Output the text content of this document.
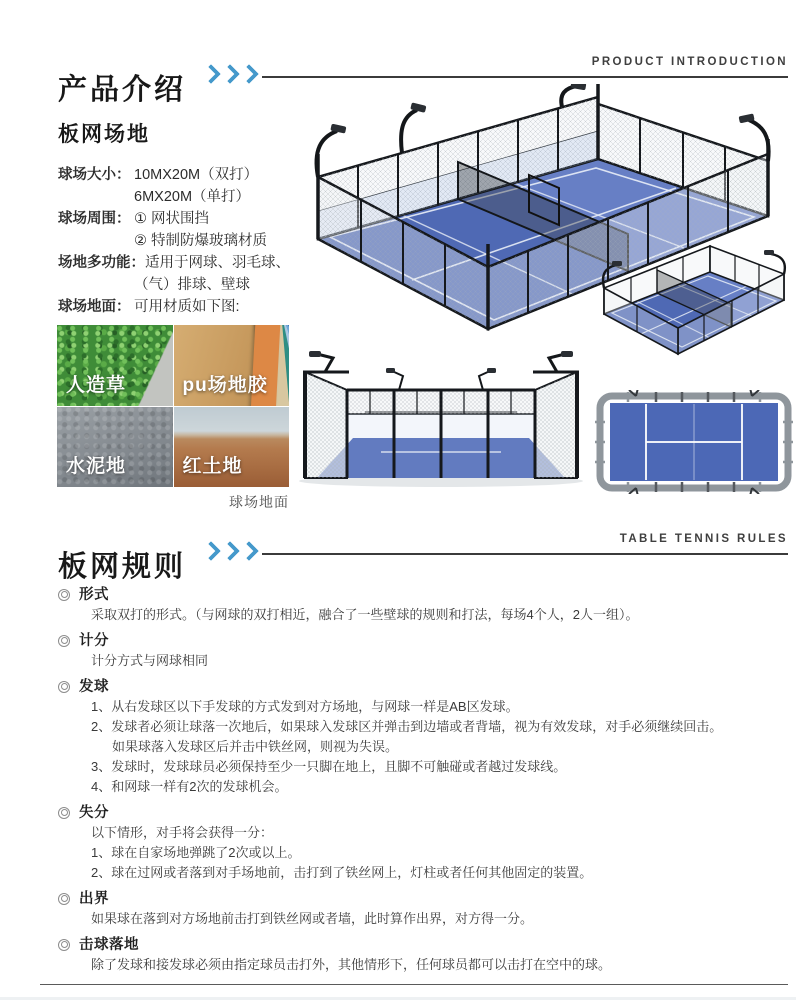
产品介绍
PRODUCT INTRODUCTION
板网场地
球场大小： 10MX20M（双打）
6MX20M（单打）
球场周围： ① 网状围挡
② 特制防爆玻璃材质
场地多功能： 适用于网球、羽毛球、
（气）排球、壁球
球场地面： 可用材质如下图:
人造草	pu场地胶
水泥地	红土地
球场地面
板网规则
TABLE TENNIS RULES
形式
采取双打的形式。（与网球的双打相近，融合了一些壁球的规则和打法，每场4个人，2人一组）。
计分
计分方式与网球相同
发球
1、从右发球区以下手发球的方式发到对方场地，与网球一样是AB区发球。
2、发球者必须让球落一次地后，如果球入发球区并弹击到边墙或者背墙，视为有效发球，对手必须继续回击。
如果球落入发球区后并击中铁丝网，则视为失误。
3、发球时，发球球员必须保持至少一只脚在地上，且脚不可触碰或者越过发球线。
4、和网球一样有2次的发球机会。
失分
以下情形，对手将会获得一分：
1、球在自家场地弹跳了2次或以上。
2、球在过网或者落到对手场地前，击打到了铁丝网上，灯柱或者任何其他固定的装置。
出界
如果球在落到对方场地前击打到铁丝网或者墙，此时算作出界，对方得一分。
击球落地
除了发球和接发球必须由指定球员击打外，其他情形下，任何球员都可以击打在空中的球。
